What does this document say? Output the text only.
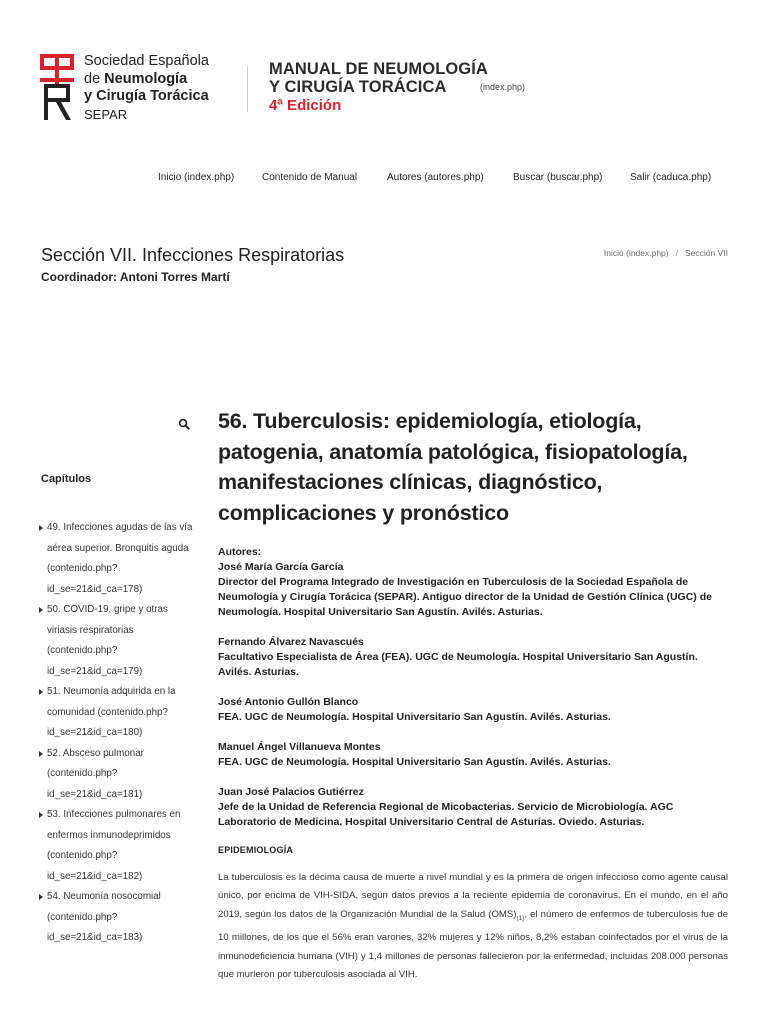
Sociedad Española
de Neumología
y Cirugía Torácica
SEPAR
MANUAL DE NEUMOLOGÍA
Y CIRUGÍA TORÁCICA
4ª Edición
(index.php)
Inicio (index.php)	Contenido de Manual	Autores (autores.php)	Buscar (buscar.php)	Salir (caduca.php)
Sección VII. Infecciones Respiratorias
Coordinador: Antoni Torres Martí
Inicio (index.php) / Sección VII
Capítulos
49. Infecciones agudas de las vía aérea superior. Bronquitis aguda (contenido.php?id_se=21&id_ca=178)
50. COVID-19, gripe y otras viriasis respiratorias (contenido.php?id_se=21&id_ca=179)
51. Neumonía adquirida en la comunidad (contenido.php?id_se=21&id_ca=180)
52. Absceso pulmonar (contenido.php?id_se=21&id_ca=181)
53. Infecciones pulmonares en enfermos inmunodeprimidos (contenido.php?id_se=21&id_ca=182)
54. Neumonía nosocomial (contenido.php?id_se=21&id_ca=183)
56. Tuberculosis: epidemiología, etiología, patogenia, anatomía patológica, fisiopatología, manifestaciones clínicas, diagnóstico, complicaciones y pronóstico
Autores:
José María García García
Director del Programa Integrado de Investigación en Tuberculosis de la Sociedad Española de Neumología y Cirugía Torácica (SEPAR). Antiguo director de la Unidad de Gestión Clínica (UGC) de Neumología. Hospital Universitario San Agustín. Avilés. Asturias.
Fernando Álvarez Navascués
Facultativo Especialista de Área (FEA). UGC de Neumología. Hospital Universitario San Agustín. Avilés. Asturias.
José Antonio Gullón Blanco
FEA. UGC de Neumología. Hospital Universitario San Agustín. Avilés. Asturias.
Manuel Ángel Villanueva Montes
FEA. UGC de Neumología. Hospital Universitario San Agustín. Avilés. Asturias.
Juan José Palacios Gutiérrez
Jefe de la Unidad de Referencia Regional de Micobacterias. Servicio de Microbiología. AGC Laboratorio de Medicina. Hospital Universitario Central de Asturias. Oviedo. Asturias.
EPIDEMIOLOGÍA

La tuberculosis es la décima causa de muerte a nivel mundial y es la primera de origen infeccioso como agente causal único, por encima de VIH-SIDA, según datos previos a la reciente epidemia de coronavirus. En el mundo, en el año 2019, según los datos de la Organización Mundial de la Salud $(OMS)_{(1)}$, el número de enfermos de tuberculosis fue de 10 millones, de los que el 56% eran varones, 32% mujeres y 12% niños, 8,2% estaban coinfectados por el virus de la inmunodeficiencia humana (VIH) y 1,4 millones de personas fallecieron por la enfermedad, incluidas 208.000 personas que murieron por tuberculosis asociada al VIH.
